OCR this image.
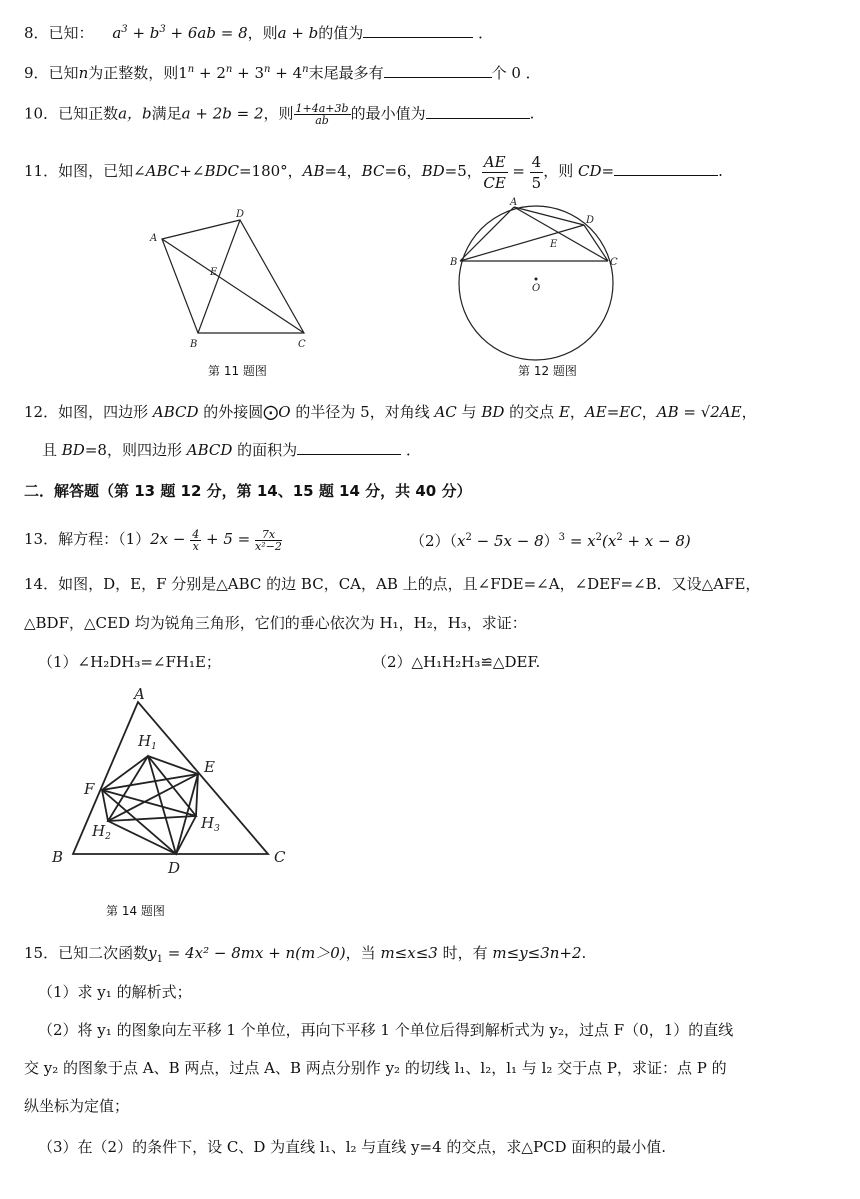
8．已知： $a^3 + b^3 + 6ab = 8$，则a + b的值为	．
9．已知n为正整数，则$1^n + 2^n + 3^n + 4^n$末尾最多有	个 0 ．
10．已知正数a，b满足a + 2b = 2，则 $\frac{1+4a+3b}{ab}$ 的最小值为	.
11．如图，已知∠ABC+∠BDC=180°，AB=4，BC=6，BD=5， $\frac{AE}{CE} = \frac{4}{5}$ ，则 CD=	.
A
D
E
B	C
第 11 题图
A
D
E
B	C
O
第 12 题图
12．如图，四边形 ABCD 的外接圆⨀O 的半径为 5，对角线 AC 与 BD 的交点 E，AE=EC，AB = √2AE，
且 BD=8，则四边形 ABCD 的面积为	．
二．解答题（第 13 题 12 分，第 14、15 题 14 分，共 40 分）
13．解方程：$(1)2x - \frac{4}{x} + 5 = \frac{7x}{\text{x²−2}}$	$(2)(x^2 - 5x - 8)^3 = x^2(x^2 + x - 8)$
14．如图，D，E，F 分别是△ABC 的边 BC，CA，AB 上的点，且∠FDE=∠A，∠DEF=∠B．又设△AFE，
△BDF，△CED 均为锐角三角形，它们的垂心依次为 H₁，H₂，H₃，求证：
（1）∠H₂DH₃=∠FH₁E；	（2）△H₁H₂H₃≌△DEF.
A
$H_1$
E
F
$H_2$
$H_3$
B
D
C
第 14 题图
15．已知二次函数$y_1 = 4x^2 - 8mx + n(m>0)$，当 m≤x≤3 时，有 m≤y≤3n+2.
（1）求 y₁ 的解析式；
（2）将 y₁ 的图象向左平移 1 个单位，再向下平移 1 个单位后得到解析式为 y₂，过点 F（0，1）的直线
交 y₂ 的图象于点 A、B 两点，过点 A、B 两点分别作 y₂ 的切线 l₁、l₂，l₁ 与 l₂ 交于点 P，求证：点 P 的
纵坐标为定值；
（3）在（2）的条件下，设 C、D 为直线 l₁、l₂ 与直线 y=4 的交点，求△PCD 面积的最小值.
